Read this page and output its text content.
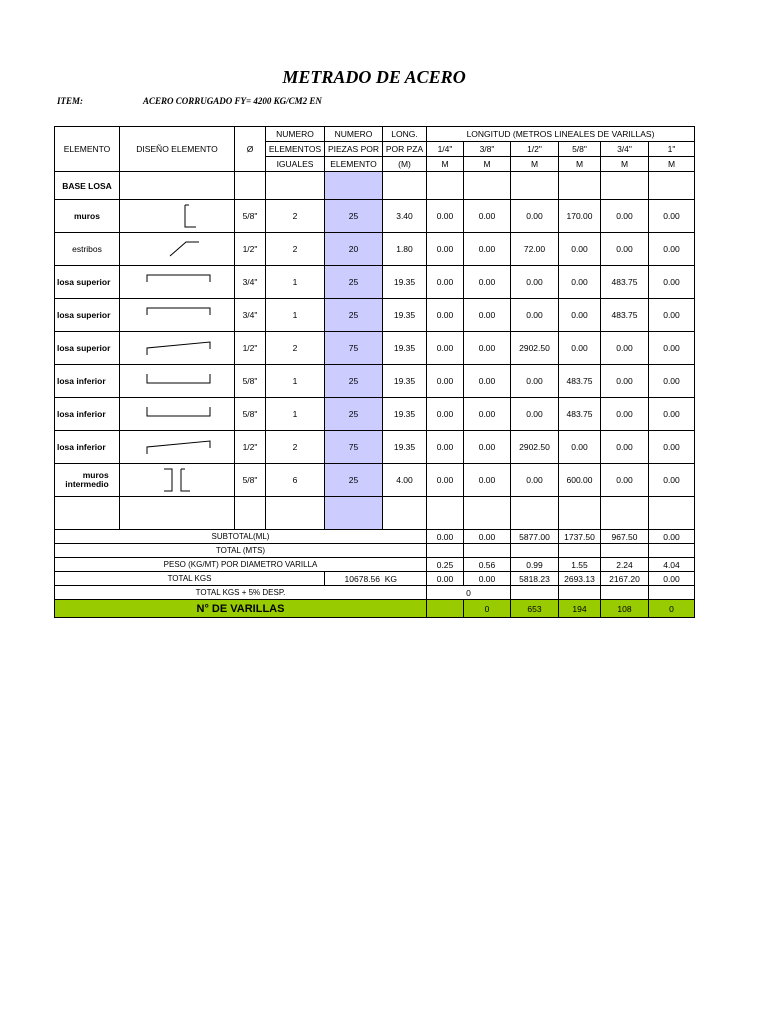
METRADO DE ACERO
ITEM:	ACERO CORRUGADO FY= 4200 KG/CM2 EN
ELEMENTO	DISEÑO ELEMENTO	Ø	NUMERO	NUMERO	LONG.	LONGITUD (METROS LINEALES DE VARILLAS)					
			ELEMENTOS	PIEZAS POR	POR PZA	1/4"	3/8"	1/2"	5/8"	3/4"	1"
			IGUALES	ELEMENTO	(M)	M	M	M	M	M	M
BASE LOSA											
muros		5/8"	2	25	3.40	0.00	0.00	0.00	170.00	0.00	0.00
estribos		1/2"	2	20	1.80	0.00	0.00	72.00	0.00	0.00	0.00
losa superior		3/4"	1	25	19.35	0.00	0.00	0.00	0.00	483.75	0.00
losa superior		3/4"	1	25	19.35	0.00	0.00	0.00	0.00	483.75	0.00
losa superior		1/2"	2	75	19.35	0.00	0.00	2902.50	0.00	0.00	0.00
losa inferior		5/8"	1	25	19.35	0.00	0.00	0.00	483.75	0.00	0.00
losa inferior		5/8"	1	25	19.35	0.00	0.00	0.00	483.75	0.00	0.00
losa inferior		1/2"	2	75	19.35	0.00	0.00	2902.50	0.00	0.00	0.00
muros
intermedio		5/8"	6	25	4.00	0.00	0.00	0.00	600.00	0.00	0.00

SUBTOTAL(ML)						0.00	0.00	5877.00	1737.50	967.50	0.00
TOTAL (MTS)											
PESO (KG/MT) POR DIAMETRO VARILLA						0.25	0.56	0.99	1.55	2.24	4.04
TOTAL KGS				10678.56 KG		0.00	0.00	5818.23	2693.13	2167.20	0.00
TOTAL KGS + 5% DESP.						0					
N° DE VARILLAS							0	653	194	108	0
